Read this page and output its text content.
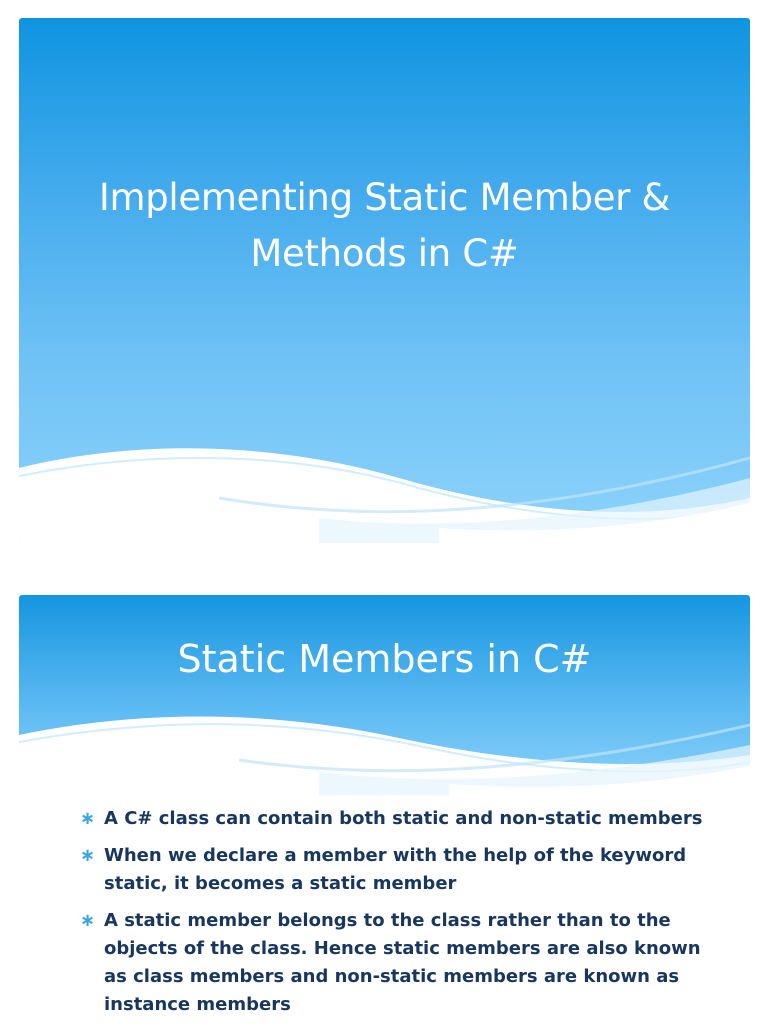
Implementing Static Member &
Methods in C#
Static Members in C#
∗ A C# class can contain both static and non-static members
∗ When we declare a member with the help of the keyword static, it becomes a static member
∗ A static member belongs to the class rather than to the objects of the class. Hence static members are also known as class members and non-static members are known as instance members
